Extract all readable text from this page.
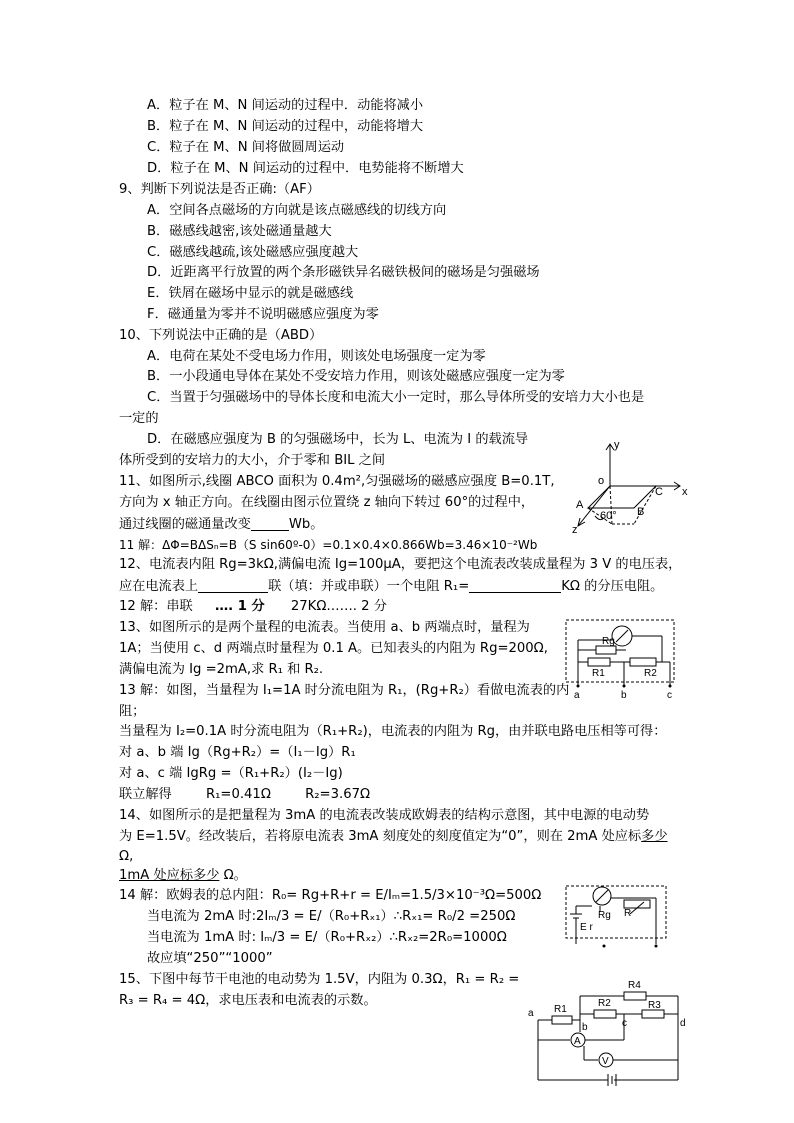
A．粒子在 M、N 间运动的过程中．动能将减小
B．粒子在 M、N 间运动的过程中，动能将增大
C．粒子在 M、N 间将做圆周运动
D．粒子在 M、N 间运动的过程中．电势能将不断增大
9、判断下列说法是否正确:（AF）
A．空间各点磁场的方向就是该点磁感线的切线方向
B．磁感线越密,该处磁通量越大
C．磁感线越疏,该处磁感应强度越大
D．近距离平行放置的两个条形磁铁异名磁铁极间的磁场是匀强磁场
E．铁屑在磁场中显示的就是磁感线
F．磁通量为零并不说明磁感应强度为零
10、下列说法中正确的是（ABD）
A．电荷在某处不受电场力作用，则该处电场强度一定为零
B．一小段通电导体在某处不受安培力作用，则该处磁感应强度一定为零
C．当置于匀强磁场中的导体长度和电流大小一定时，那么导体所受的安培力大小也是
一定的
D．在磁感应强度为 B 的匀强磁场中，长为 L、电流为 I 的载流导
体所受到的安培力的大小，介于零和 BIL 之间
11、如图所示,线圈 ABCO 面积为 0.4m²,匀强磁场的磁感应强度 B=0.1T,
方向为 x 轴正方向。在线圈由图示位置绕 z 轴向下转过 60°的过程中，
通过线圈的磁通量改变	Wb。
11 解：ΔΦ=BΔSₙ=B（S sin60º-0）=0.1×0.4×0.866Wb=3.46×10⁻²Wb
12、电流表内阻 Rg=3kΩ,满偏电流 Ig=100μA，要把这个电流表改装成量程为 3 V 的电压表，
应在电流表上	联（填：并或串联）一个电阻 R₁=	KΩ 的分压电阻。
12 解：串联 …. 1 分 27KΩ……. 2 分
13、如图所示的是两个量程的电流表。当使用 a、b 两端点时，量程为
1A；当使用 c、d 两端点时量程为 0.1 A。已知表头的内阻为 Rg=200Ω,
满偏电流为 Ig =2mA,求 R₁ 和 R₂.
13 解：如图，当量程为 I₁=1A 时分流电阻为 R₁，(Rg+R₂）看做电流表的内
阻；
当量程为 I₂=0.1A 时分流电阻为（R₁+R₂)，电流表的内阻为 Rg，由并联电路电压相等可得：
对 a、b 端 Ig（Rg+R₂）=（I₁－Ig）R₁
对 a、c 端 IgRg =（R₁+R₂）(I₂－Ig)
联立解得	R₁=0.41Ω	R₂=3.67Ω
14、如图所示的是把量程为 3mA 的电流表改装成欧姆表的结构示意图，其中电源的电动势
为 E=1.5V。经改装后，若将原电流表 3mA 刻度处的刻度值定为“0”，则在 2mA 处应标多少
Ω,
1mA 处应标多少 Ω。
14 解：欧姆表的总内阻：R₀= Rg+R+r = E/Iₘ=1.5/3×10⁻³Ω=500Ω
当电流为 2mA 时:2Iₘ/3 = E/（R₀+Rₓ₁）∴Rₓ₁= R₀/2 =250Ω
当电流为 1mA 时: Iₘ/3 = E/（R₀+Rₓ₂）∴Rₓ₂=2R₀=1000Ω
故应填“250”“1000”
15、下图中每节干电池的电动势为 1.5V，内阻为 0.3Ω，R₁ = R₂ =
R₃ = R₄ = 4Ω，求电压表和电流表的示数。
y
o
x
C
A
B
z
60°
Rg
R1	R2
a	b	c
Rg R
E r
a R1
R2
R4
R3
b	c	d
A
V
